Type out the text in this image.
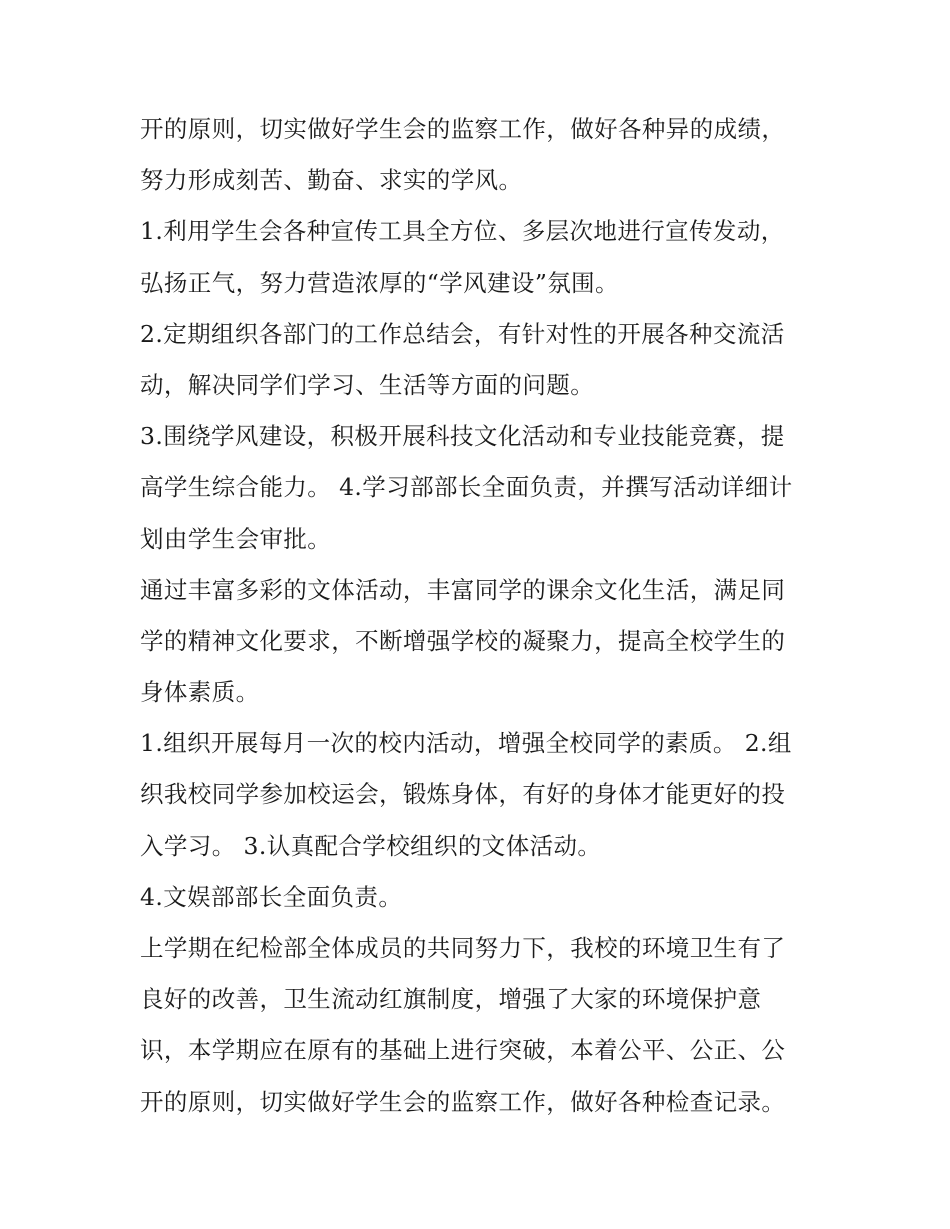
开的原则，切实做好学生会的监察工作，做好各种异的成绩，
努力形成刻苦、勤奋、求实的学风。
1.利用学生会各种宣传工具全方位、多层次地进行宣传发动，
弘扬正气，努力营造浓厚的“学风建设”氛围。
2.定期组织各部门的工作总结会，有针对性的开展各种交流活
动，解决同学们学习、生活等方面的问题。
3.围绕学风建设，积极开展科技文化活动和专业技能竞赛，提
高学生综合能力。 4.学习部部长全面负责，并撰写活动详细计
划由学生会审批。
通过丰富多彩的文体活动，丰富同学的课余文化生活，满足同
学的精神文化要求，不断增强学校的凝聚力，提高全校学生的
身体素质。
1.组织开展每月一次的校内活动，增强全校同学的素质。 2.组
织我校同学参加校运会，锻炼身体，有好的身体才能更好的投
入学习。 3.认真配合学校组织的文体活动。
4.文娱部部长全面负责。
上学期在纪检部全体成员的共同努力下，我校的环境卫生有了
良好的改善，卫生流动红旗制度，增强了大家的环境保护意
识，本学期应在原有的基础上进行突破，本着公平、公正、公
开的原则，切实做好学生会的监察工作，做好各种检查记录。
